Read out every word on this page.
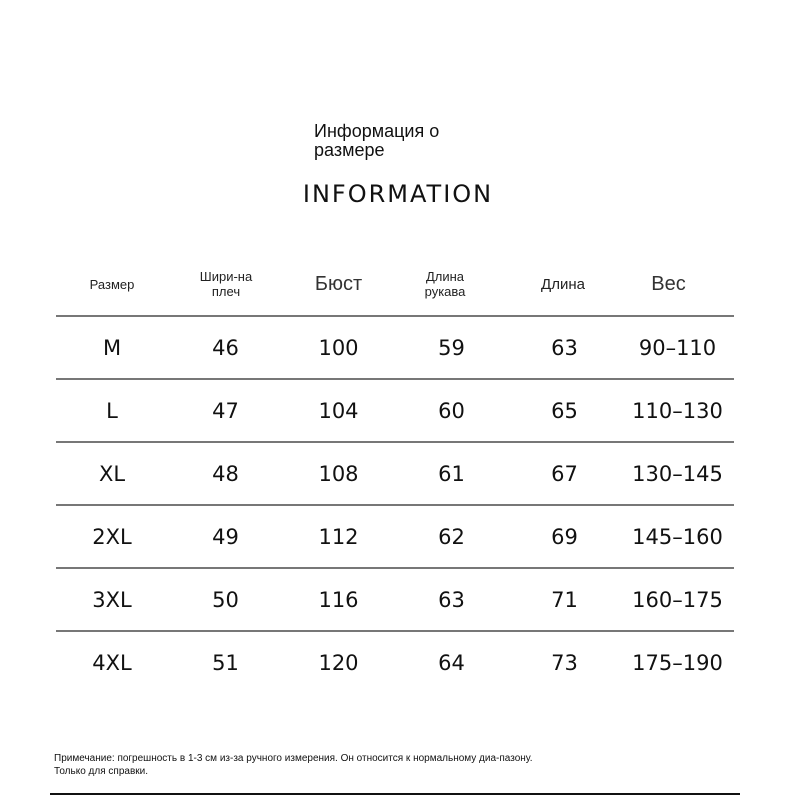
Информация о размере
INFORMATION
Размер	Шири-на плеч	Бюст	Длина рукава	Длина	Вес
M	46	100	59	63	90–110
L	47	104	60	65	110–130
XL	48	108	61	67	130–145
2XL	49	112	62	69	145–160
3XL	50	116	63	71	160–175
4XL	51	120	64	73	175–190
Примечание: погрешность в 1-3 см из-за ручного измерения. Он относится к нормальному диа-пазону. Только для справки.
